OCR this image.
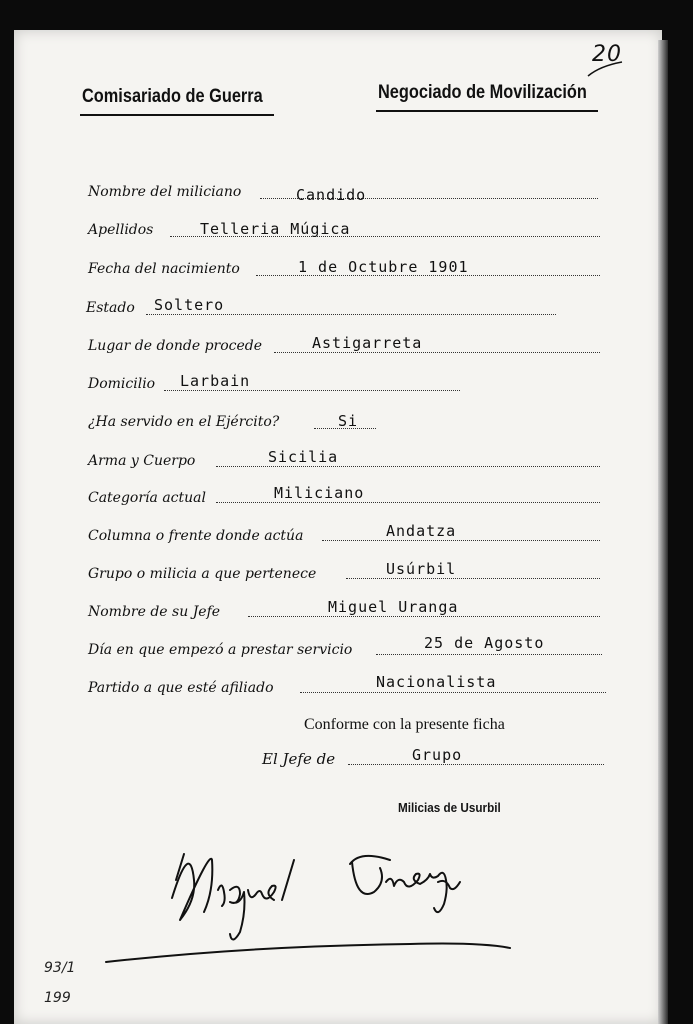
Comisariado de Guerra	Negociado de Movilización
20
Nombre del miliciano	Candido
Apellidos	Telleria Múgica
Fecha del nacimiento	1 de Octubre 1901
Estado Soltero
Lugar de donde procede	Astigarreta
Domicilio Larbain
¿Ha servido en el Ejército?	Si
Arma y Cuerpo	Sicilia
Categoría actual	Miliciano
Columna o frente donde actúa	Andatza
Grupo o milicia a que pertenece	Usúrbil
Nombre de su Jefe	Miguel Uranga
Día en que empezó a prestar servicio	25 de Agosto
Partido a que esté afiliado	Nacionalista
Conforme con la presente ficha
El Jefe de	Grupo
Milicias de Usurbil
93/1
199
